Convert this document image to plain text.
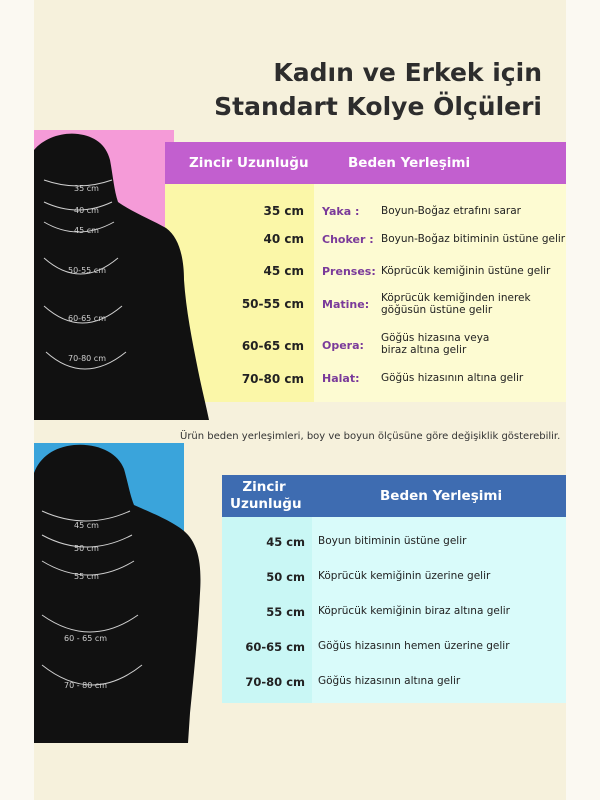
Kadın ve Erkek için
Standart Kolye Ölçüleri
35 cm
40 cm
45 cm
50-55 cm
60-65 cm
70-80 cm
Zincir Uzunluğu	Beden Yerleşimi
35 cm
40 cm
45 cm
50-55 cm
60-65 cm
70-80 cm
Yaka :
Choker :
Prenses:
Matine:
Opera:
Halat:
Boyun-Boğaz etrafını sarar
Boyun-Boğaz bitiminin üstüne gelir
Köprücük kemiğinin üstüne gelir
Köprücük kemiğinden inerek göğüsün üstüne gelir
Göğüs hizasına veya biraz altına gelir
Göğüs hizasının altına gelir
Ürün beden yerleşimleri, boy ve boyun ölçüsüne göre değişiklik gösterebilir.
45 cm
50 cm
55 cm
60 - 65 cm
70 - 80 cm
Zincir
Uzunluğu	Beden Yerleşimi
45 cm
50 cm
55 cm
60-65 cm
70-80 cm
Boyun bitiminin üstüne gelir
Köprücük kemiğinin üzerine gelir
Köprücük kemiğinin biraz altına gelir
Göğüs hizasının hemen üzerine gelir
Göğüs hizasının altına gelir
